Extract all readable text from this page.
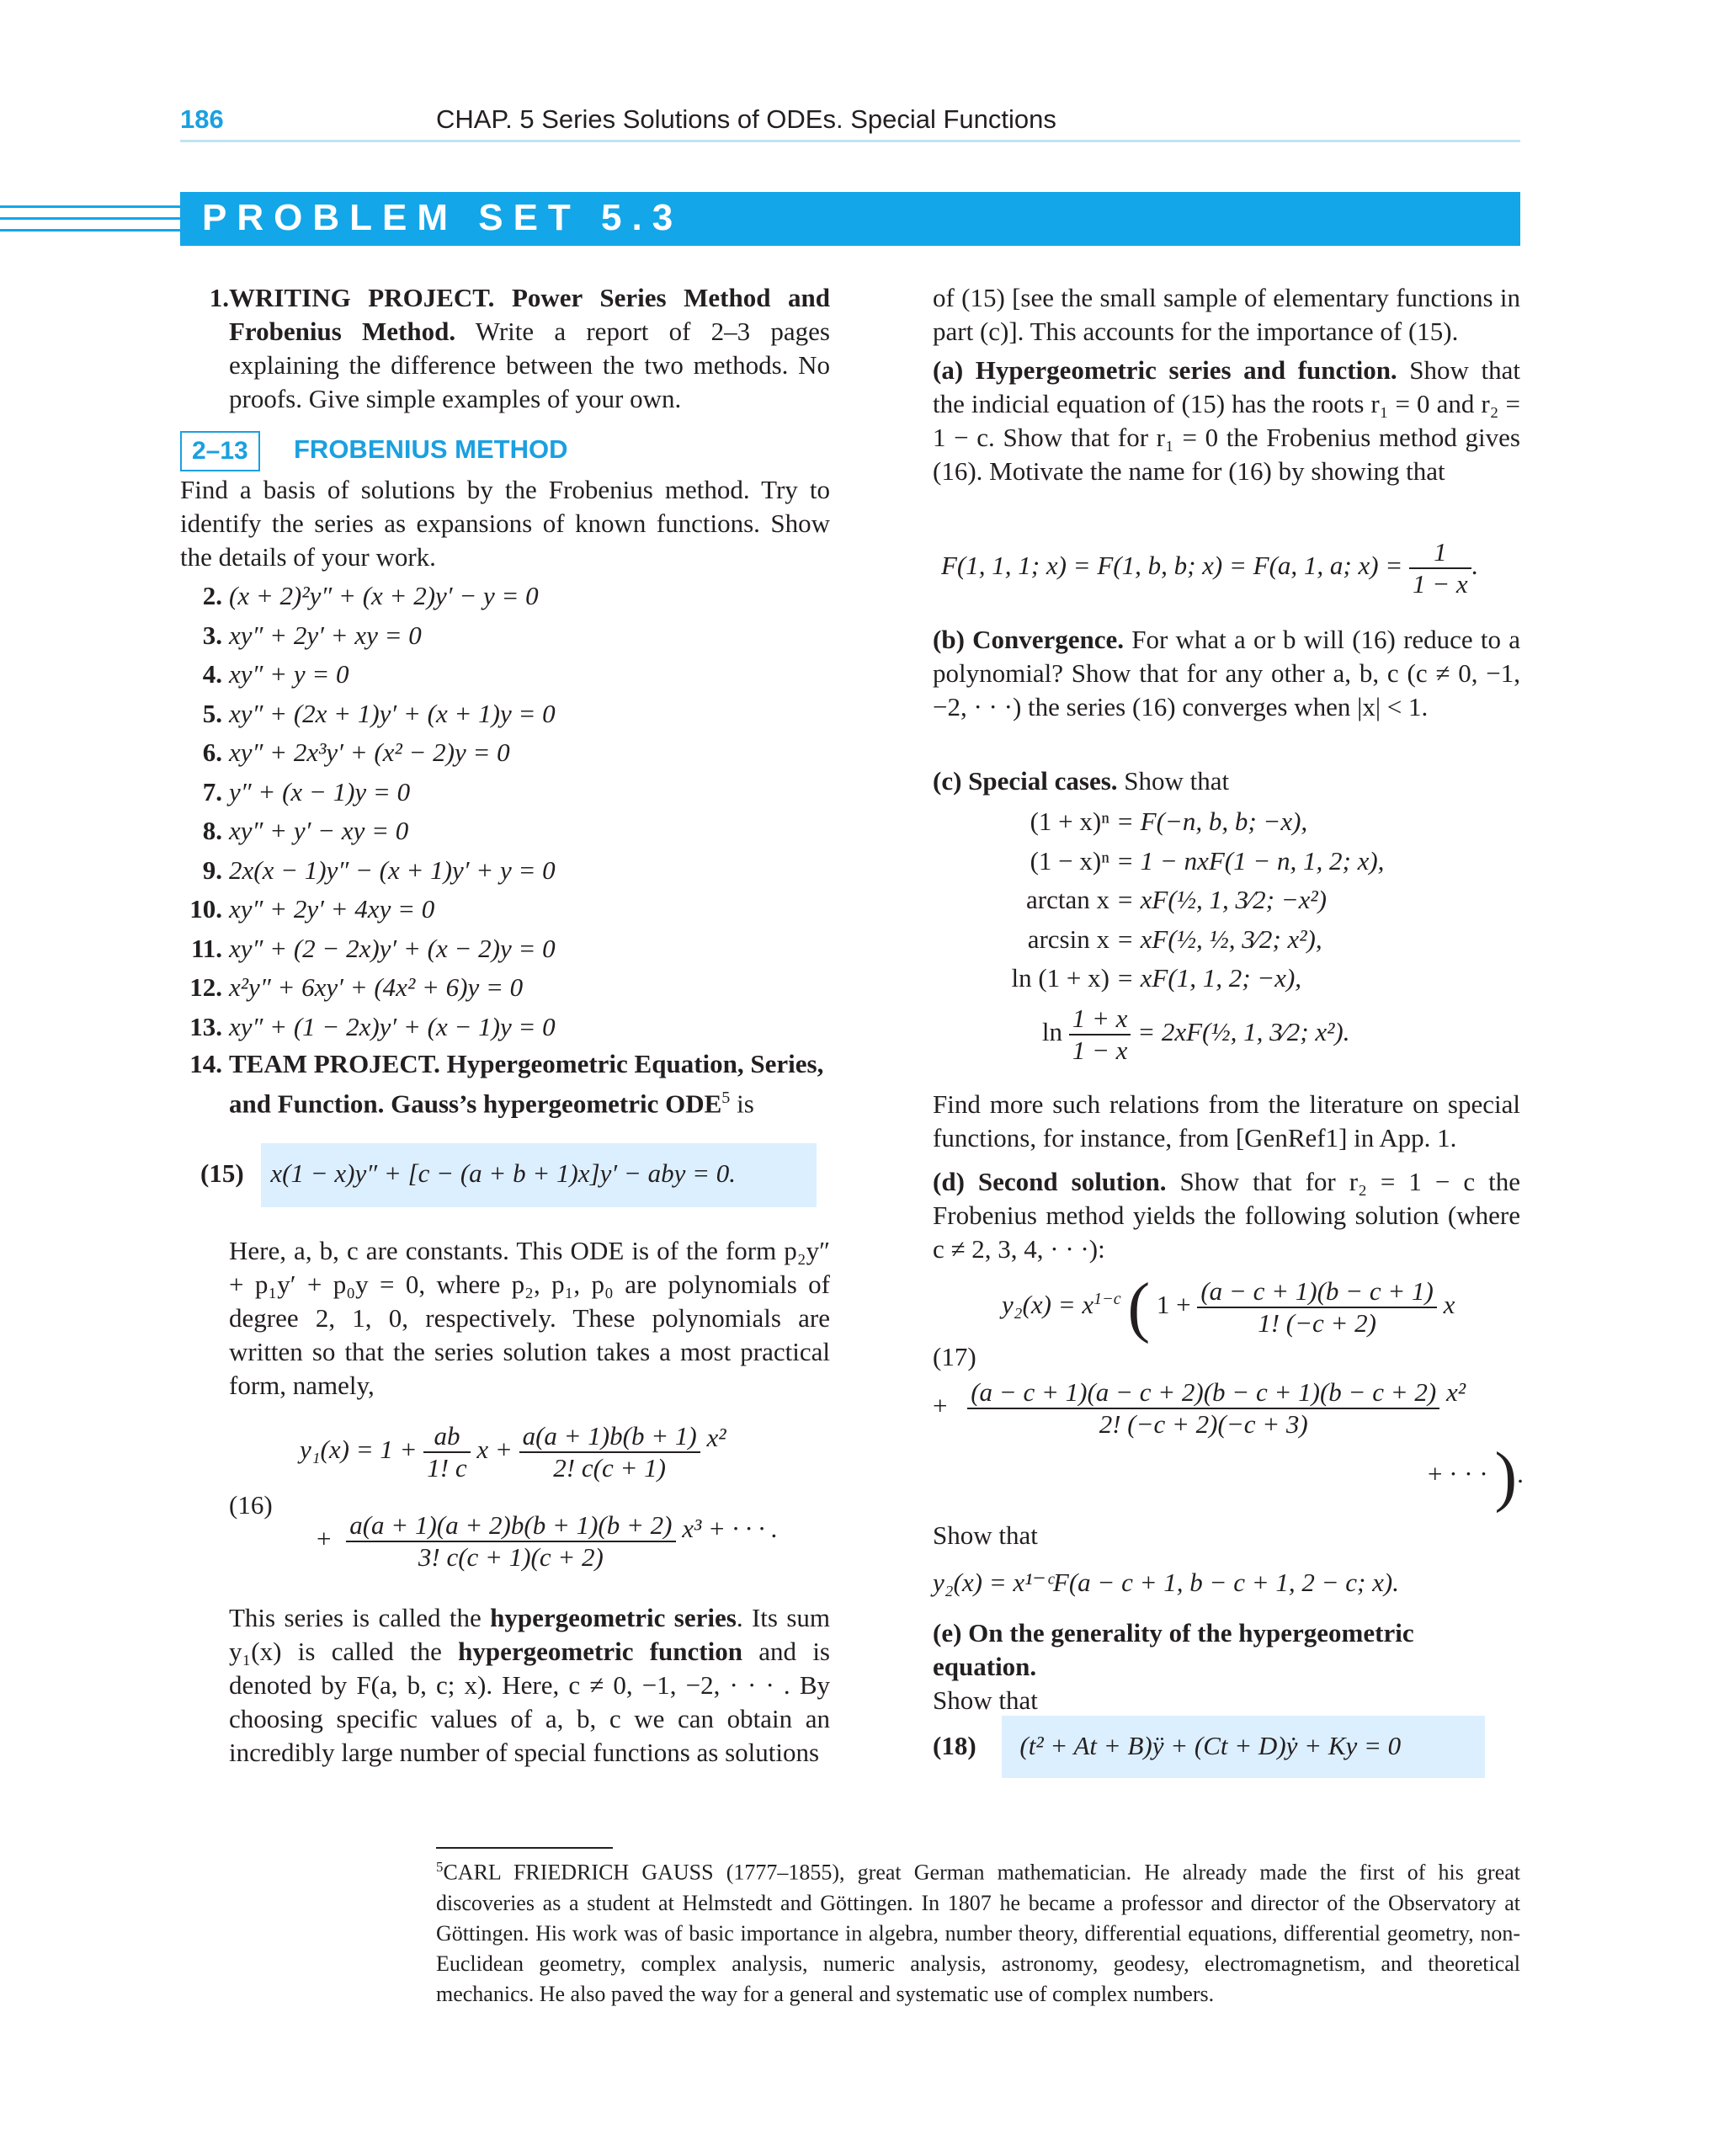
186	CHAP. 5 Series Solutions of ODEs. Special Functions
PROBLEM SET 5.3
1.WRITING PROJECT. Power Series Method and Frobenius Method. Write a report of 2–3 pages explaining the difference between the two methods. No proofs. Give simple examples of your own.
2–13 FROBENIUS METHOD
Find a basis of solutions by the Frobenius method. Try to identify the series as expansions of known functions. Show the details of your work.
2. (x + 2)²y″ + (x + 2)y′ − y = 0
3. xy″ + 2y′ + xy = 0
4. xy″ + y = 0
5. xy″ + (2x + 1)y′ + (x + 1)y = 0
6. xy″ + 2x³y′ + (x² − 2)y = 0
7. y″ + (x − 1)y = 0
8. xy″ + y′ − xy = 0
9. 2x(x − 1)y″ − (x + 1)y′ + y = 0
10. xy″ + 2y′ + 4xy = 0
11. xy″ + (2 − 2x)y′ + (x − 2)y = 0
12. x²y″ + 6xy′ + (4x² + 6)y = 0
13. xy″ + (1 − 2x)y′ + (x − 1)y = 0
14. TEAM PROJECT. Hypergeometric Equation, Series, and Function. Gauss’s hypergeometric ODE$^5$ is
(15) x(1 − x)y″ + [c − (a + b + 1)x]y′ − aby = 0.
Here, a, b, c are constants. This ODE is of the form p₂y″ + p₁y′ + p₀y = 0, where p₂, p₁, p₀ are polynomials of degree 2, 1, 0, respectively. These polynomials are written so that the series solution takes a most practical form, namely,
$y_1(x) = 1 + \frac{ab}{1! c}$ $x + \frac{a(a + 1)b(b + 1)}{2! c(c + 1)} x^2$
(16)
+ $\frac{a(a + 1)(a + 2)b(b + 1)(b + 2)}{3! c(c + 1)(c + 2)} x^3$ + · · · .
This series is called the hypergeometric series. Its sum y₁(x) is called the hypergeometric function and is denoted by F(a, b, c; x). Here, c ≠ 0, −1, −2, · · · . By choosing specific values of a, b, c we can obtain an incredibly large number of special functions as solutions
of (15) [see the small sample of elementary functions in part (c)]. This accounts for the importance of (15).
(a) Hypergeometric series and function. Show that the indicial equation of (15) has the roots r₁ = 0 and r₂ = 1 − c. Show that for r₁ = 0 the Frobenius method gives (16). Motivate the name for (16) by showing that
F(1, 1, 1; x) = F(1, b, b; x) = F(a, 1, a; $x) = \frac{1}{1 - x}$ .
(b) Convergence. For what a or b will (16) reduce to a polynomial? Show that for any other a, b, c (c ≠ 0, −1, −2, · · ·) the series (16) converges when |x| < 1.
(c) Special cases. Show that
(1 + x)ⁿ = F(−n, b, b; −x),
(1 − x)ⁿ = 1 − nxF(1 − n, 1, 2; x),
arctan x = xF(½, 1, 3⁄2; −x²)
arcsin x = xF(½, ½, 3⁄2; x²),
ln (1 + x) = xF(1, 1, 2; −x),
$\ln \frac{1 + x}{1 - x}$ = 2xF(½, 1, 3⁄2; x²).
Find more such relations from the literature on special functions, for instance, from [GenRef1] in App. 1.
(d) Second solution. Show that for r₂ = 1 − c the Frobenius method yields the following solution (where c ≠ 2, 3, 4, · · ·):
$y_2(x) = x^{1-c}$ ( $1 + \frac{(a - c + 1)(b - c + 1)}{1! (-c + 2)}$ x
(17)
+ $\frac{(a - c + 1)(a - c + 2)(b - c + 1)(b - c + 2)}{2! (-c + 2)(-c + 3)} x^2$
+ · · · ).
Show that
y₂(x) = x¹⁻ᶜF(a − c + 1, b − c + 1, 2 − c; x).
(e) On the generality of the hypergeometric equation.
Show that
(18) (t² + At + B)ÿ + (Ct + D)ẏ + Ky = 0
$^5$CARL FRIEDRICH GAUSS (1777–1855), great German mathematician. He already made the first of his great discoveries as a student at Helmstedt and Göttingen. In 1807 he became a professor and director of the Observatory at Göttingen. His work was of basic importance in algebra, number theory, differential equations, differential geometry, non-Euclidean geometry, complex analysis, numeric analysis, astronomy, geodesy, electromagnetism, and theoretical mechanics. He also paved the way for a general and systematic use of complex numbers.
